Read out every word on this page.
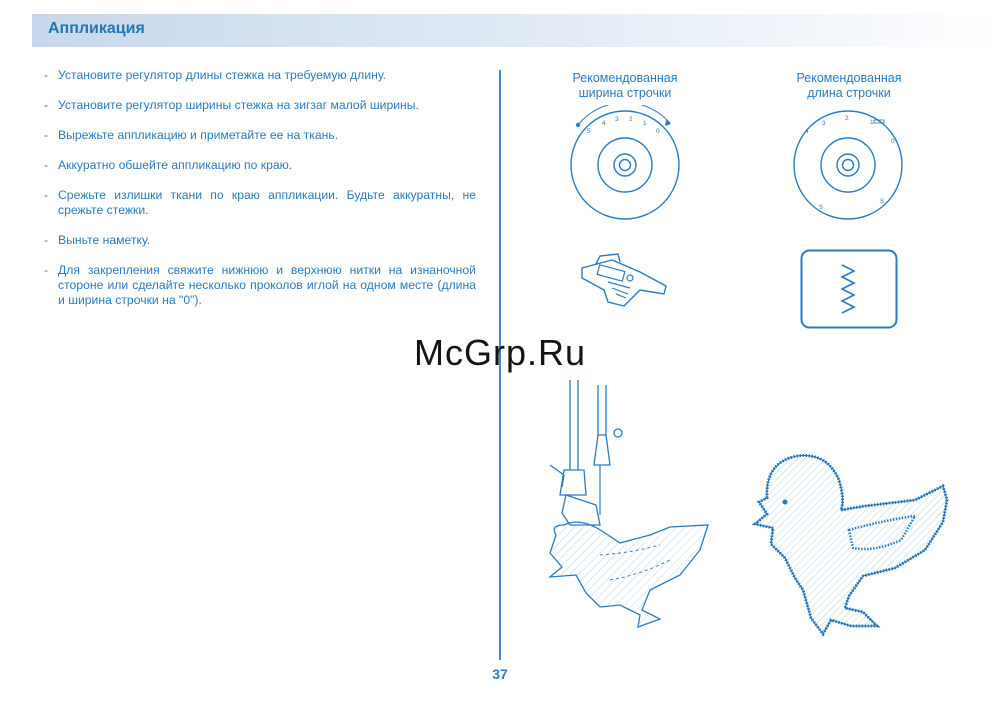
Аппликация
- Установите регулятор длины стежка на требуемую длину.
- Установите регулятор ширины стежка на зигзаг малой ширины.
- Вырежьте аппликацию и приметайте ее на ткань.
- Аккуратно обшейте аппликацию по краю.
- Срежьте излишки ткани по краю аппликации. Будьте аккуратны, не срежьте стежки.
- Выньте наметку.
- Для закрепления свяжите нижнюю и верхнюю нитки на изнаночной стороне или сделайте несколько проколов иглой на одном месте (длина и ширина строчки на "0").
Рекомендованная
ширина строчки
5
4
3 2
1
0
Рекомендованная
длина строчки
4
3
2
1
0
S
S
McGrp.Ru
37
